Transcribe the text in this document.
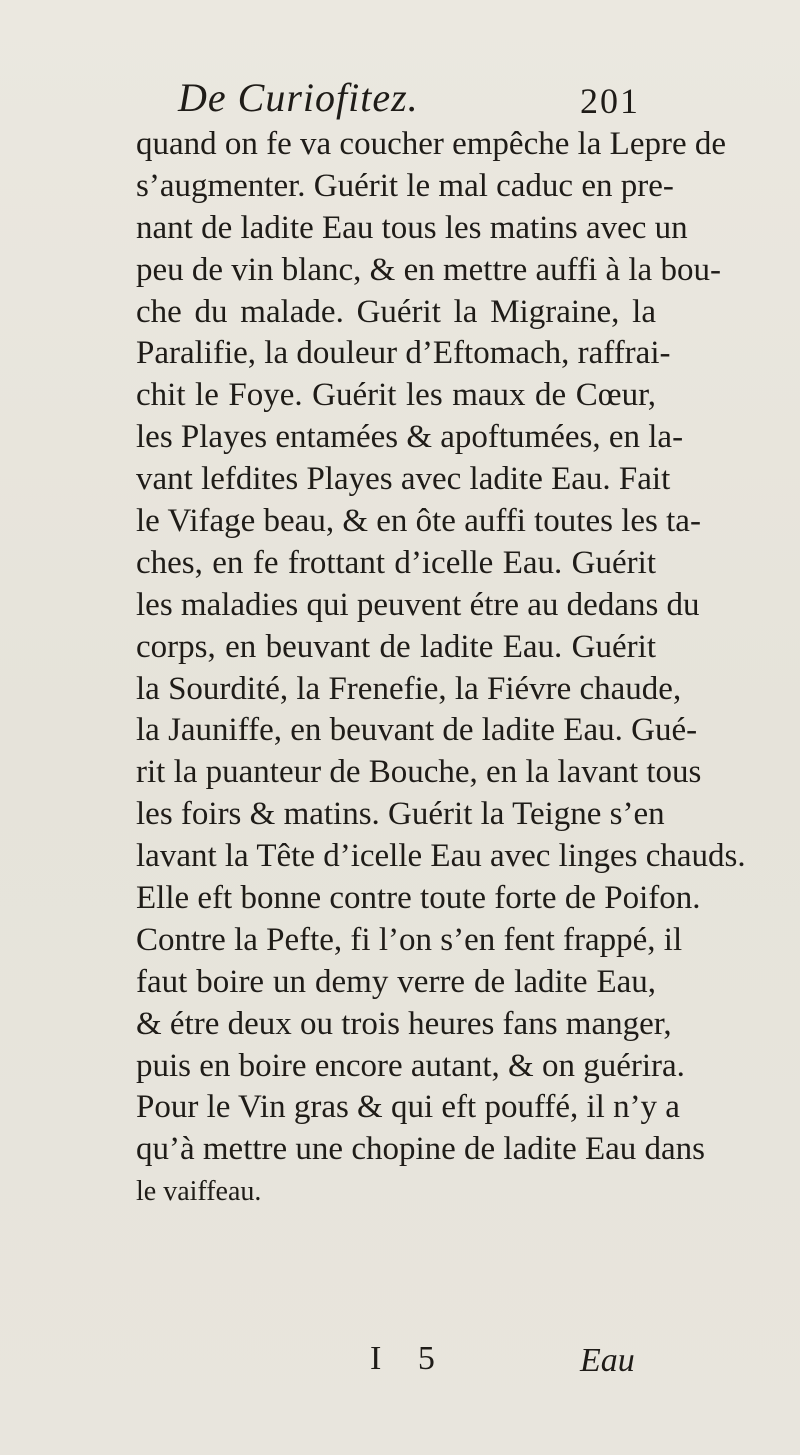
De Curiofitez.	201
quand on fe va coucher empêche la Lepre de
s’augmenter. Guérit le mal caduc en pre-
nant de ladite Eau tous les matins avec un
peu de vin blanc, & en mettre auffi à la bou-
che du malade. Guérit la Migraine, la
Paralifie, la douleur d’Eftomach, raffrai-
chit le Foye. Guérit les maux de Cœur,
les Playes entamées & apoftumées, en la-
vant lefdites Playes avec ladite Eau. Fait
le Vifage beau, & en ôte auffi toutes les ta-
ches, en fe frottant d’icelle Eau. Guérit
les maladies qui peuvent étre au dedans du
corps, en beuvant de ladite Eau. Guérit
la Sourdité, la Frenefie, la Fiévre chaude,
la Jauniffe, en beuvant de ladite Eau. Gué-
rit la puanteur de Bouche, en la lavant tous
les foirs & matins. Guérit la Teigne s’en
lavant la Tête d’icelle Eau avec linges chauds.
Elle eft bonne contre toute forte de Poifon.
Contre la Pefte, fi l’on s’en fent frappé, il
faut boire un demy verre de ladite Eau,
& étre deux ou trois heures fans manger,
puis en boire encore autant, & on guérira.
Pour le Vin gras & qui eft pouffé, il n’y a
qu’à mettre une chopine de ladite Eau dans
le vaiffeau.
I 5	Eau
